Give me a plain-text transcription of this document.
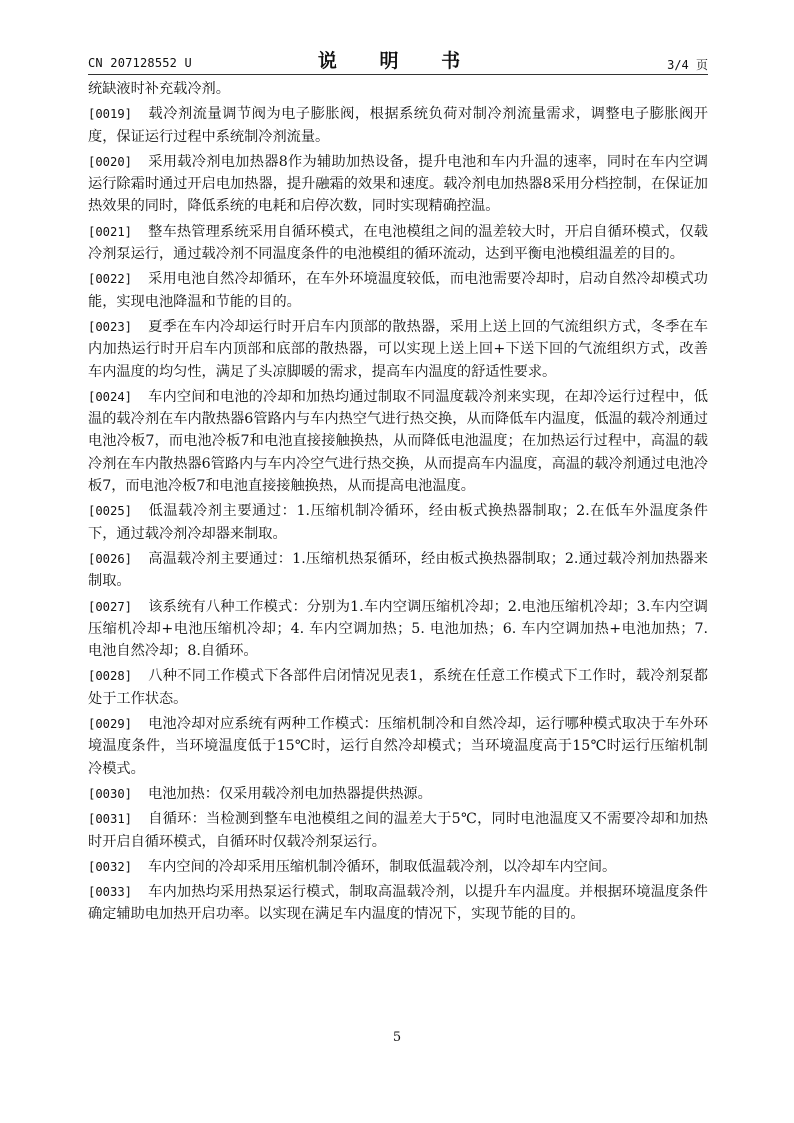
CN 207128552 U	说 明 书	3/4 页

统缺液时补充载冷剂。

[0019] 载冷剂流量调节阀为电子膨胀阀，根据系统负荷对制冷剂流量需求，调整电子膨胀阀开度，保证运行过程中系统制冷剂流量。

[0020] 采用载冷剂电加热器8作为辅助加热设备，提升电池和车内升温的速率，同时在车内空调运行除霜时通过开启电加热器，提升融霜的效果和速度。载冷剂电加热器8采用分档控制，在保证加热效果的同时，降低系统的电耗和启停次数，同时实现精确控温。

[0021] 整车热管理系统采用自循环模式，在电池模组之间的温差较大时，开启自循环模式，仅载冷剂泵运行，通过载冷剂不同温度条件的电池模组的循环流动，达到平衡电池模组温差的目的。

[0022] 采用电池自然冷却循环，在车外环境温度较低，而电池需要冷却时，启动自然冷却模式功能，实现电池降温和节能的目的。

[0023] 夏季在车内冷却运行时开启车内顶部的散热器，采用上送上回的气流组织方式，冬季在车内加热运行时开启车内顶部和底部的散热器，可以实现上送上回+下送下回的气流组织方式，改善车内温度的均匀性，满足了头凉脚暖的需求，提高车内温度的舒适性要求。

[0024] 车内空间和电池的冷却和加热均通过制取不同温度载冷剂来实现，在却冷运行过程中，低温的载冷剂在车内散热器6管路内与车内热空气进行热交换，从而降低车内温度，低温的载冷剂通过电池冷板7，而电池冷板7和电池直接接触换热，从而降低电池温度；在加热运行过程中，高温的载冷剂在车内散热器6管路内与车内冷空气进行热交换，从而提高车内温度，高温的载冷剂通过电池冷板7，而电池冷板7和电池直接接触换热，从而提高电池温度。

[0025] 低温载冷剂主要通过：1.压缩机制冷循环，经由板式换热器制取；2.在低车外温度条件下，通过载冷剂冷却器来制取。

[0026] 高温载冷剂主要通过：1.压缩机热泵循环，经由板式换热器制取；2.通过载冷剂加热器来制取。

[0027] 该系统有八种工作模式：分别为1.车内空调压缩机冷却；2.电池压缩机冷却；3.车内空调压缩机冷却+电池压缩机冷却；4. 车内空调加热；5. 电池加热；6. 车内空调加热+电池加热；7. 电池自然冷却；8.自循环。

[0028] 八种不同工作模式下各部件启闭情况见表1，系统在任意工作模式下工作时，载冷剂泵都处于工作状态。

[0029] 电池冷却对应系统有两种工作模式：压缩机制冷和自然冷却，运行哪种模式取决于车外环境温度条件，当环境温度低于15℃时，运行自然冷却模式；当环境温度高于15℃时运行压缩机制冷模式。

[0030] 电池加热：仅采用载冷剂电加热器提供热源。

[0031] 自循环：当检测到整车电池模组之间的温差大于5℃，同时电池温度又不需要冷却和加热时开启自循环模式，自循环时仅载冷剂泵运行。

[0032] 车内空间的冷却采用压缩机制冷循环，制取低温载冷剂，以冷却车内空间。

[0033] 车内加热均采用热泵运行模式，制取高温载冷剂，以提升车内温度。并根据环境温度条件确定辅助电加热开启功率。以实现在满足车内温度的情况下，实现节能的目的。

5
